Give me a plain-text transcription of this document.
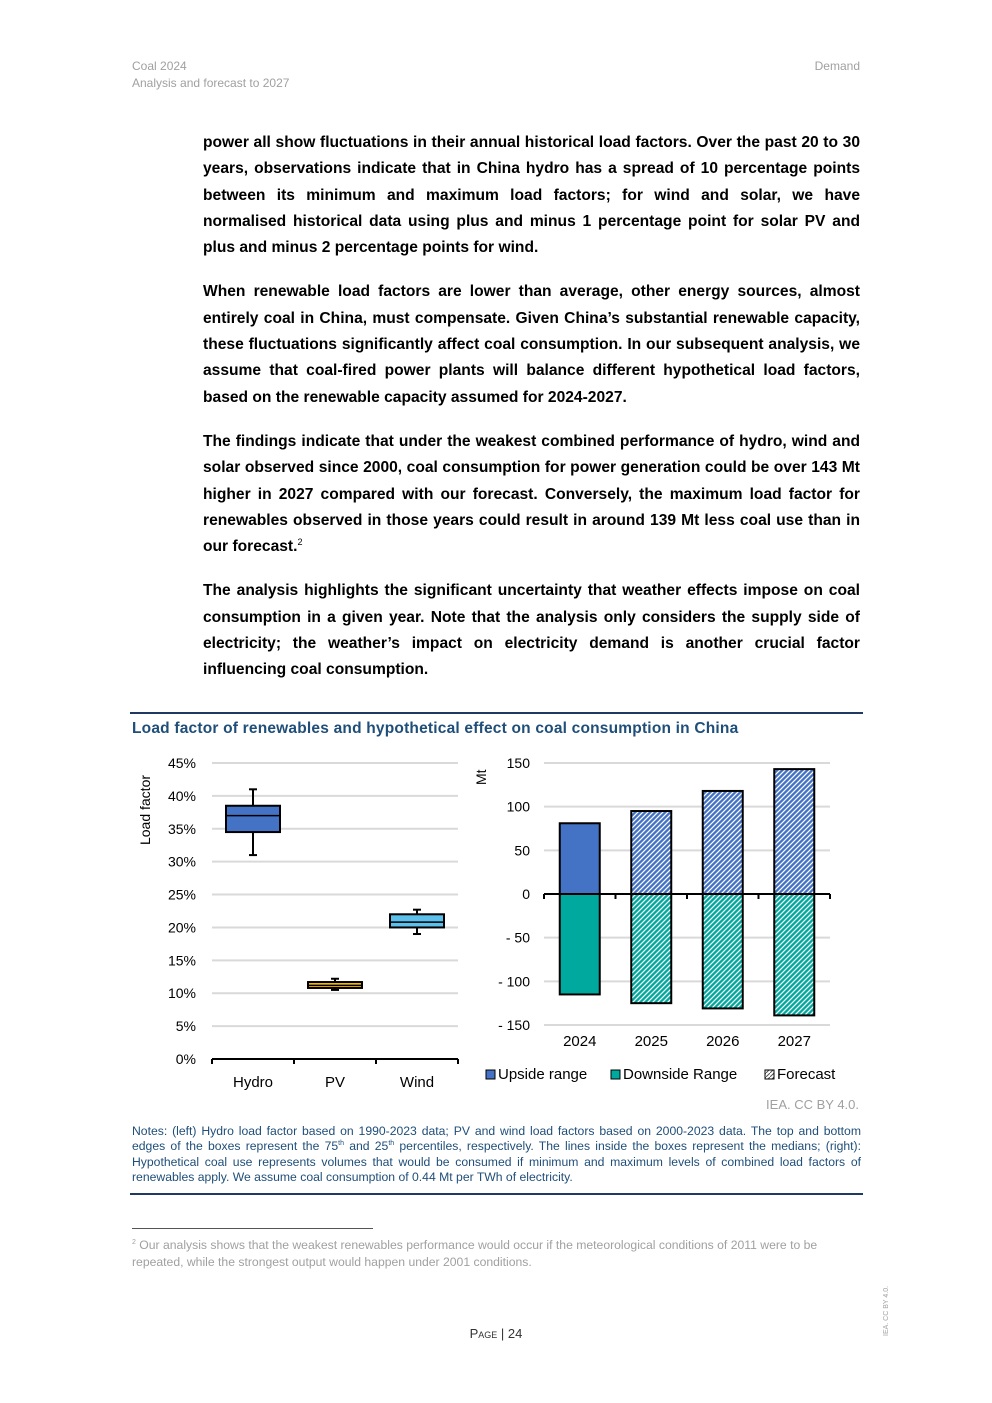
Coal 2024
Analysis and forecast to 2027
Demand

power all show fluctuations in their annual historical load factors. Over the past 20 to 30 years, observations indicate that in China hydro has a spread of 10 percentage points between its minimum and maximum load factors; for wind and solar, we have normalised historical data using plus and minus 1 percentage point for solar PV and plus and minus 2 percentage points for wind.

When renewable load factors are lower than average, other energy sources, almost entirely coal in China, must compensate. Given China’s substantial renewable capacity, these fluctuations significantly affect coal consumption. In our subsequent analysis, we assume that coal-fired power plants will balance different hypothetical load factors, based on the renewable capacity assumed for 2024-2027.

The findings indicate that under the weakest combined performance of hydro, wind and solar observed since 2000, coal consumption for power generation could be over 143 Mt higher in 2027 compared with our forecast. Conversely, the maximum load factor for renewables observed in those years could result in around 139 Mt less coal use than in our forecast.$^2$

The analysis highlights the significant uncertainty that weather effects impose on coal consumption in a given year. Note that the analysis only considers the supply side of electricity; the weather’s impact on electricity demand is another crucial factor influencing coal consumption.

Load factor of renewables and hypothetical effect on coal consumption in China
0%
5%
10%
15%
20%
25%
30%
35%
40%
45%
Hydro	PV	Wind
Load factor
150
100
50
0
- 50
- 100
- 150
2024	2025	2026	2027
Mt
Upside range Downside Range	Forecast
IEA. CC BY 4.0.
Notes: (left) Hydro load factor based on 1990-2023 data; PV and wind load factors based on 2000-2023 data. The top and bottom edges of the boxes represent the 75th and 25th percentiles, respectively. The lines inside the boxes represent the medians; (right): Hypothetical coal use represents volumes that would be consumed if minimum and maximum levels of combined load factors of renewables apply. We assume coal consumption of 0.44 Mt per TWh of electricity.
$^2$ Our analysis shows that the weakest renewables performance would occur if the meteorological conditions of 2011 were to be repeated, while the strongest output would happen under 2001 conditions.
Page | 24	IEA. CC BY 4.0.
